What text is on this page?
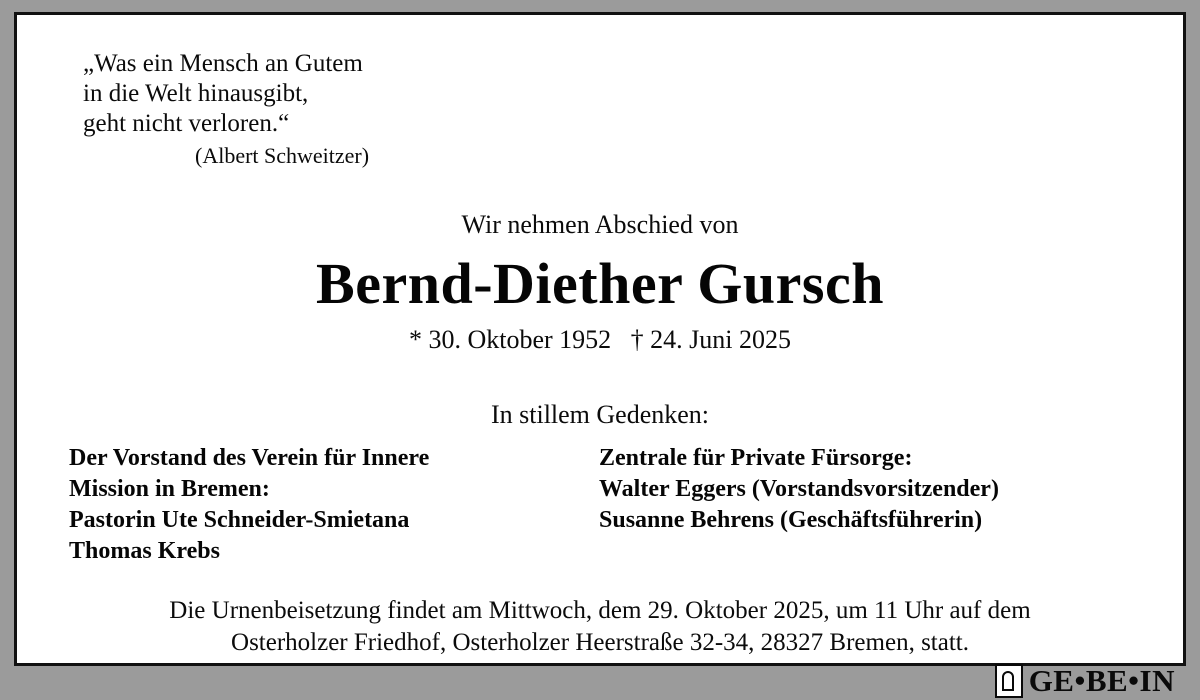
„Was ein Mensch an Gutem
in die Welt hinausgibt,
geht nicht verloren.“
(Albert Schweitzer)
Wir nehmen Abschied von
Bernd-Diether Gursch
* 30. Oktober 1952   † 24. Juni 2025
In stillem Gedenken:
Der Vorstand des Verein für Innere
Mission in Bremen:
Pastorin Ute Schneider-Smietana
Thomas Krebs
Zentrale für Private Fürsorge:
Walter Eggers (Vorstandsvorsitzender)
Susanne Behrens (Geschäftsführerin)
Die Urnenbeisetzung findet am Mittwoch, dem 29. Oktober 2025, um 11 Uhr auf dem
Osterholzer Friedhof, Osterholzer Heerstraße 32-34, 28327 Bremen, statt.
GE•BE•IN
